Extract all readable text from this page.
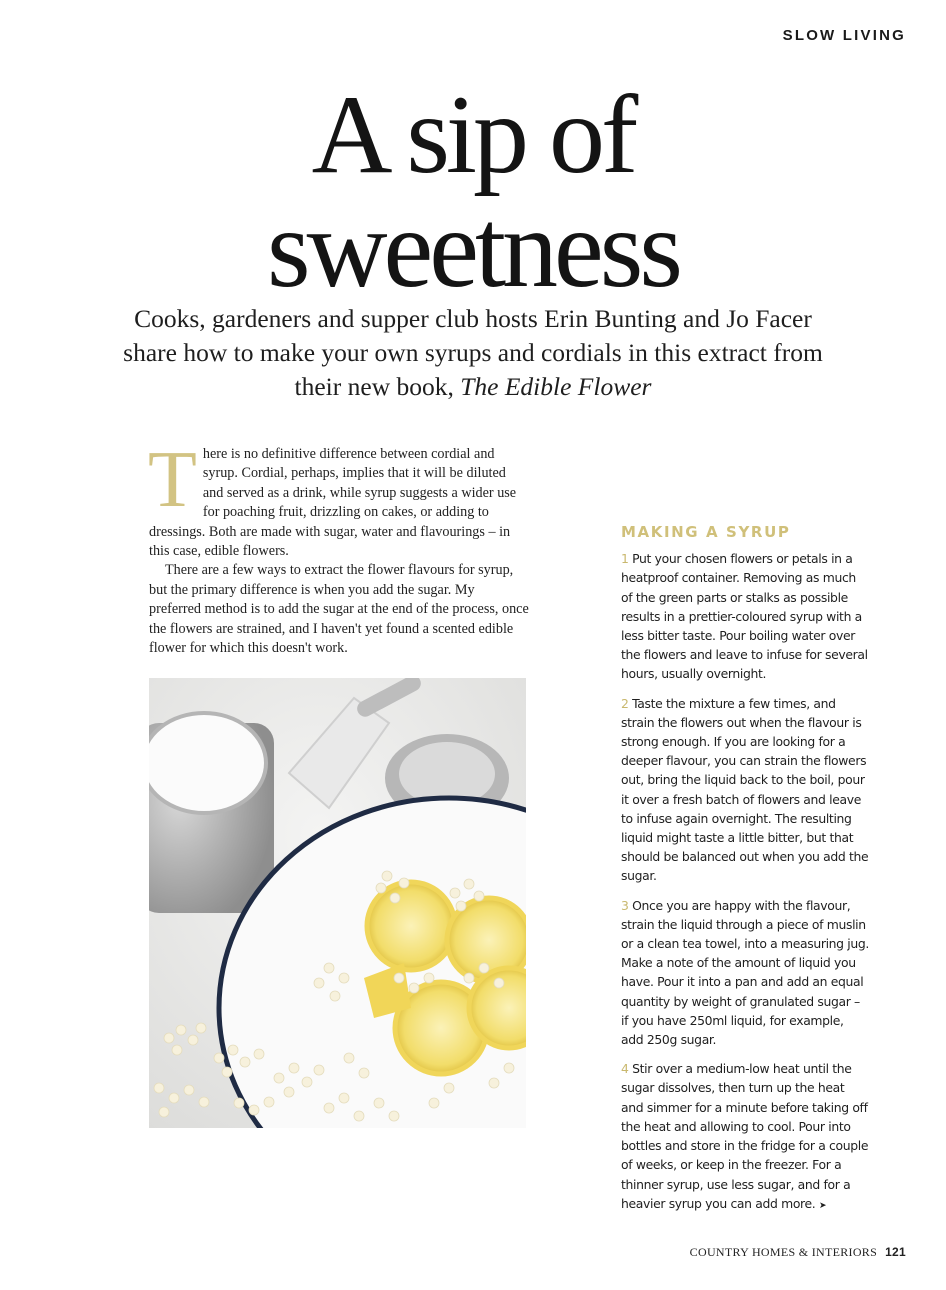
SLOW LIVING
A sip of
sweetness

Cooks, gardeners and supper club hosts Erin Bunting and Jo Facer share how to make your own syrups and cordials in this extract from their new book, The Edible Flower

There is no definitive difference between cordial and syrup. Cordial, perhaps, implies that it will be diluted and served as a drink, while syrup suggests a wider use for poaching fruit, drizzling on cakes, or adding to dressings. Both are made with sugar, water and flavourings – in this case, edible flowers.

There are a few ways to extract the flower flavours for syrup, but the primary difference is when you add the sugar. My preferred method is to add the sugar at the end of the process, once the flowers are strained, and I haven't yet found a scented edible flower for which this doesn't work.

MAKING A SYRUP

1 Put your chosen flowers or petals in a heatproof container. Removing as much of the green parts or stalks as possible results in a prettier-coloured syrup with a less bitter taste. Pour boiling water over the flowers and leave to infuse for several hours, usually overnight.

2 Taste the mixture a few times, and strain the flowers out when the flavour is strong enough. If you are looking for a deeper flavour, you can strain the flowers out, bring the liquid back to the boil, pour it over a fresh batch of flowers and leave to infuse again overnight. The resulting liquid might taste a little bitter, but that should be balanced out when you add the sugar.

3 Once you are happy with the flavour, strain the liquid through a piece of muslin or a clean tea towel, into a measuring jug. Make a note of the amount of liquid you have. Pour it into a pan and add an equal quantity by weight of granulated sugar – if you have 250ml liquid, for example, add 250g sugar.

4 Stir over a medium-low heat until the sugar dissolves, then turn up the heat and simmer for a minute before taking off the heat and allowing to cool. Pour into bottles and store in the fridge for a couple of weeks, or keep in the freezer. For a thinner syrup, use less sugar, and for a heavier syrup you can add more. ➤

COUNTRY HOMES & INTERIORS 121
